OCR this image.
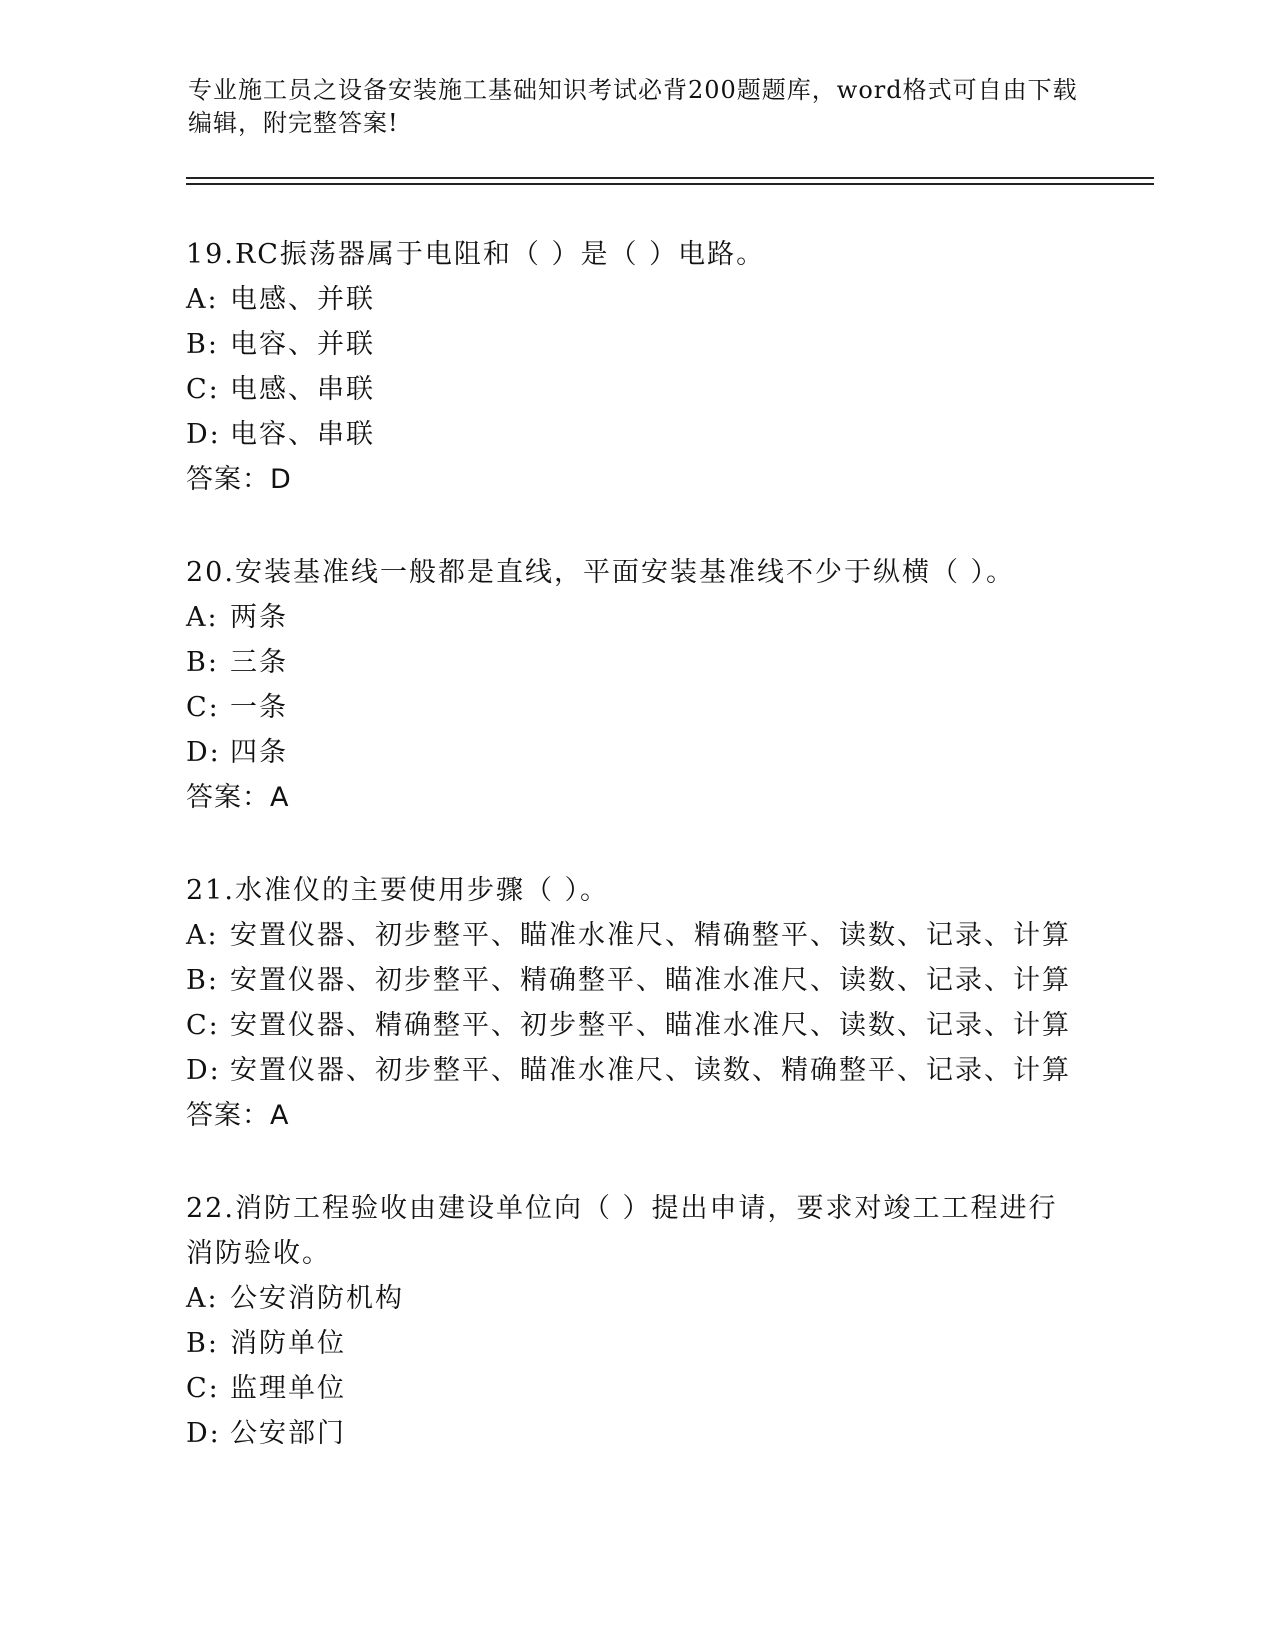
专业施工员之设备安装施工基础知识考试必背200题题库，word格式可自由下载
编辑，附完整答案!
19.RC振荡器属于电阻和（ ）是（ ）电路。
A: 电感、并联
B: 电容、并联
C: 电感、串联
D: 电容、串联
答案：D
20.安装基准线一般都是直线，平面安装基准线不少于纵横（ ）。
A: 两条
B: 三条
C: 一条
D: 四条
答案：A
21.水准仪的主要使用步骤（ ）。
A: 安置仪器、初步整平、瞄准水准尺、精确整平、读数、记录、计算
B: 安置仪器、初步整平、精确整平、瞄准水准尺、读数、记录、计算
C: 安置仪器、精确整平、初步整平、瞄准水准尺、读数、记录、计算
D: 安置仪器、初步整平、瞄准水准尺、读数、精确整平、记录、计算
答案：A
22.消防工程验收由建设单位向（ ）提出申请，要求对竣工工程进行
消防验收。
A: 公安消防机构
B: 消防单位
C: 监理单位
D: 公安部门
